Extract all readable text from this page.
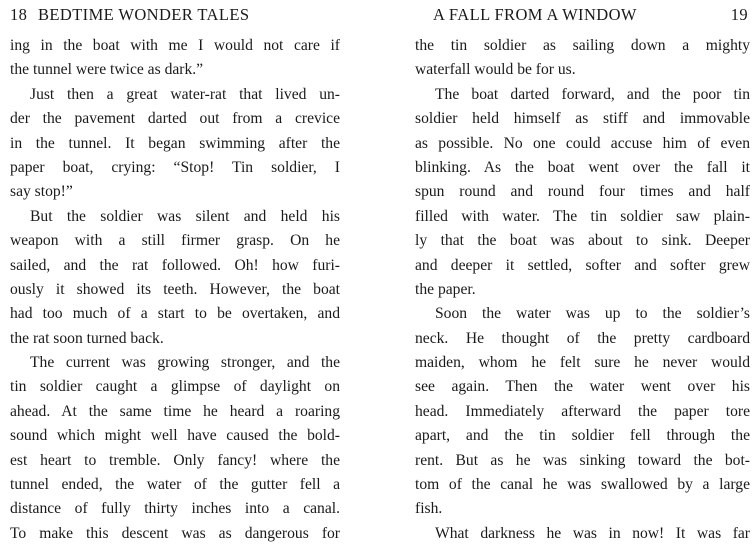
18 BEDTIME WONDER TALES
ing in the boat with me I would not care if
the tunnel were twice as dark.”
Just then a great water-rat that lived un-
der the pavement darted out from a crevice
in the tunnel. It began swimming after the
paper boat, crying: “Stop! Tin soldier, I
say stop!”
But the soldier was silent and held his
weapon with a still firmer grasp. On he
sailed, and the rat followed. Oh! how furi-
ously it showed its teeth. However, the boat
had too much of a start to be overtaken, and
the rat soon turned back.
The current was growing stronger, and the
tin soldier caught a glimpse of daylight on
ahead. At the same time he heard a roaring
sound which might well have caused the bold-
est heart to tremble. Only fancy! where the
tunnel ended, the water of the gutter fell a
distance of fully thirty inches into a canal.
To make this descent was as dangerous for
A FALL FROM A WINDOW	19
the tin soldier as sailing down a mighty
waterfall would be for us.
The boat darted forward, and the poor tin
soldier held himself as stiff and immovable
as possible. No one could accuse him of even
blinking. As the boat went over the fall it
spun round and round four times and half
filled with water. The tin soldier saw plain-
ly that the boat was about to sink. Deeper
and deeper it settled, softer and softer grew
the paper.
Soon the water was up to the soldier’s
neck. He thought of the pretty cardboard
maiden, whom he felt sure he never would
see again. Then the water went over his
head. Immediately afterward the paper tore
apart, and the tin soldier fell through the
rent. But as he was sinking toward the bot-
tom of the canal he was swallowed by a large
fish.
What darkness he was in now! It was far
